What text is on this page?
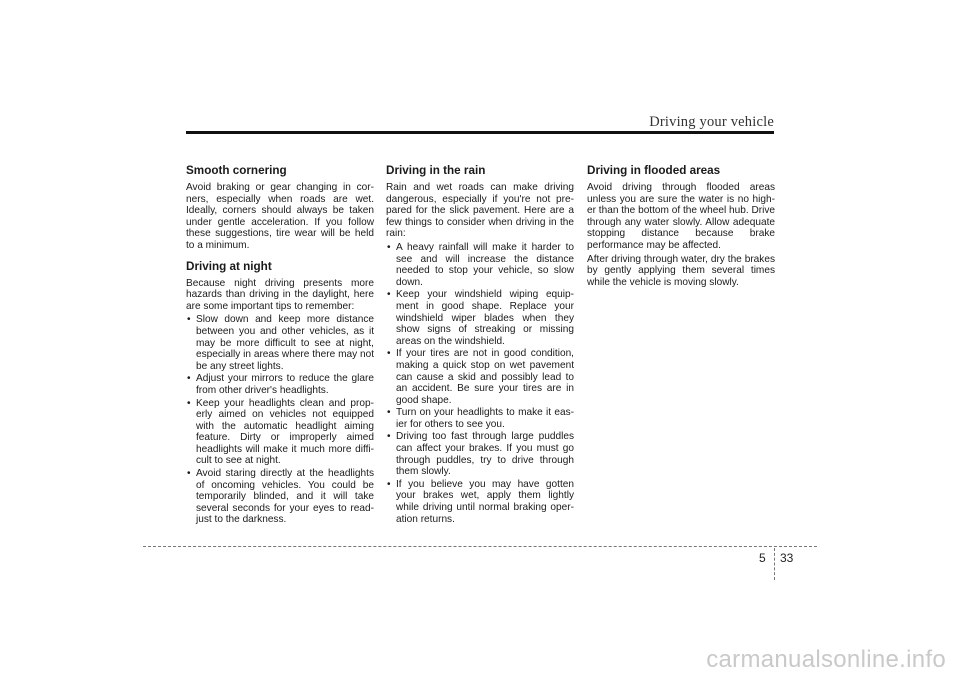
Driving your vehicle
Smooth cornering

Avoid braking or gear changing in cor-ners, especially when roads are wet. Ideally, corners should always be taken under gentle acceleration. If you follow these suggestions, tire wear will be held to a minimum.

Driving at night

Because night driving presents more hazards than driving in the daylight, here are some important tips to remember:

• Slow down and keep more distance between you and other vehicles, as it may be more difficult to see at night, especially in areas where there may not be any street lights.
• Adjust your mirrors to reduce the glare from other driver's headlights.
• Keep your headlights clean and prop-erly aimed on vehicles not equipped with the automatic headlight aiming feature. Dirty or improperly aimed headlights will make it much more diffi-cult to see at night.
• Avoid staring directly at the headlights of oncoming vehicles. You could be temporarily blinded, and it will take several seconds for your eyes to read-just to the darkness.
Driving in the rain

Rain and wet roads can make driving dangerous, especially if you're not pre-pared for the slick pavement. Here are a few things to consider when driving in the rain:

• A heavy rainfall will make it harder to see and will increase the distance needed to stop your vehicle, so slow down.
• Keep your windshield wiping equip-ment in good shape. Replace your windshield wiper blades when they show signs of streaking or missing areas on the windshield.
• If your tires are not in good condition, making a quick stop on wet pavement can cause a skid and possibly lead to an accident. Be sure your tires are in good shape.
• Turn on your headlights to make it eas-ier for others to see you.
• Driving too fast through large puddles can affect your brakes. If you must go through puddles, try to drive through them slowly.
• If you believe you may have gotten your brakes wet, apply them lightly while driving until normal braking oper-ation returns.
Driving in flooded areas

Avoid driving through flooded areas unless you are sure the water is no high-er than the bottom of the wheel hub. Drive through any water slowly. Allow adequate stopping distance because brake performance may be affected.

After driving through water, dry the brakes by gently applying them several times while the vehicle is moving slowly.

5 33
carmanualsonline.info
